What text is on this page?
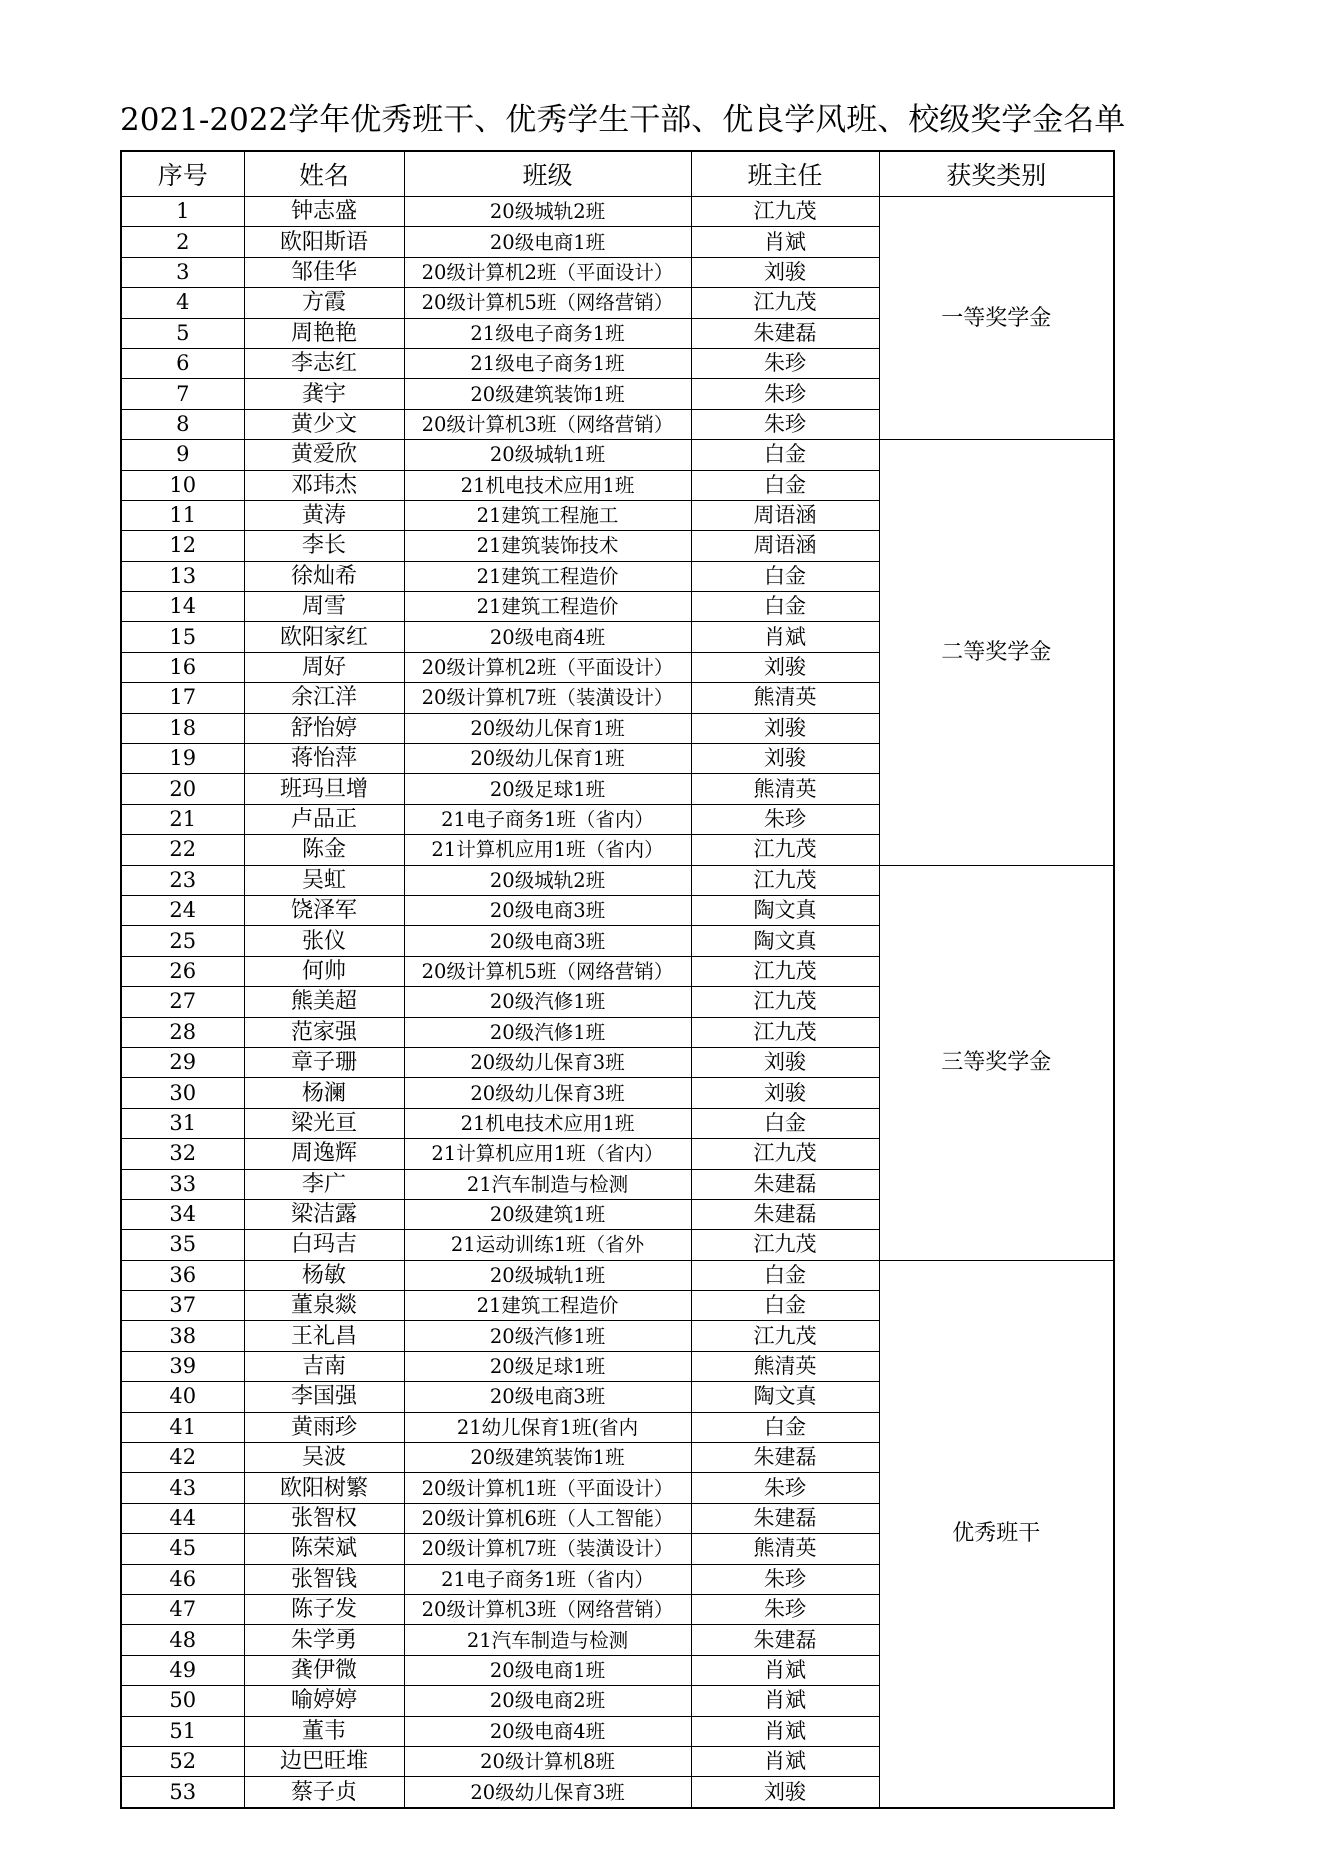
2021-2022学年优秀班干、优秀学生干部、优良学风班、校级奖学金名单
序号	姓名	班级	班主任	获奖类别
1	钟志盛	20级城轨2班	江九茂	一等奖学金
2	欧阳斯语	20级电商1班	肖斌	
3	邹佳华	20级计算机2班（平面设计）	刘骏	
4	方霞	20级计算机5班（网络营销）	江九茂	
5	周艳艳	21级电子商务1班	朱建磊	
6	李志红	21级电子商务1班	朱珍	
7	龚宇	20级建筑装饰1班	朱珍	
8	黄少文	20级计算机3班（网络营销）	朱珍	
9	黄爱欣	20级城轨1班	白金	二等奖学金
10	邓玮杰	21机电技术应用1班	白金	
11	黄涛	21建筑工程施工	周语涵	
12	李长	21建筑装饰技术	周语涵	
13	徐灿希	21建筑工程造价	白金	
14	周雪	21建筑工程造价	白金	
15	欧阳家红	20级电商4班	肖斌	
16	周好	20级计算机2班（平面设计）	刘骏	
17	余江洋	20级计算机7班（装潢设计）	熊清英	
18	舒怡婷	20级幼儿保育1班	刘骏	
19	蒋怡萍	20级幼儿保育1班	刘骏	
20	班玛旦增	20级足球1班	熊清英	
21	卢品正	21电子商务1班（省内）	朱珍	
22	陈金	21计算机应用1班（省内）	江九茂	
23	吴虹	20级城轨2班	江九茂	三等奖学金
24	饶泽军	20级电商3班	陶文真	
25	张仪	20级电商3班	陶文真	
26	何帅	20级计算机5班（网络营销）	江九茂	
27	熊美超	20级汽修1班	江九茂	
28	范家强	20级汽修1班	江九茂	
29	章子珊	20级幼儿保育3班	刘骏	
30	杨澜	20级幼儿保育3班	刘骏	
31	梁光亘	21机电技术应用1班	白金	
32	周逸辉	21计算机应用1班（省内）	江九茂	
33	李广	21汽车制造与检测	朱建磊	
34	梁洁露	20级建筑1班	朱建磊	
35	白玛吉	21运动训练1班（省外	江九茂	
36	杨敏	20级城轨1班	白金	优秀班干
37	董泉燚	21建筑工程造价	白金	
38	王礼昌	20级汽修1班	江九茂	
39	吉南	20级足球1班	熊清英	
40	李国强	20级电商3班	陶文真	
41	黄雨珍	21幼儿保育1班(省内	白金	
42	吴波	20级建筑装饰1班	朱建磊	
43	欧阳树繁	20级计算机1班（平面设计）	朱珍	
44	张智权	20级计算机6班（人工智能）	朱建磊	
45	陈荣斌	20级计算机7班（装潢设计）	熊清英	
46	张智钱	21电子商务1班（省内）	朱珍	
47	陈子发	20级计算机3班（网络营销）	朱珍	
48	朱学勇	21汽车制造与检测	朱建磊	
49	龚伊微	20级电商1班	肖斌	
50	喻婷婷	20级电商2班	肖斌	
51	董韦	20级电商4班	肖斌	
52	边巴旺堆	20级计算机8班	肖斌	
53	蔡子贞	20级幼儿保育3班	刘骏	
